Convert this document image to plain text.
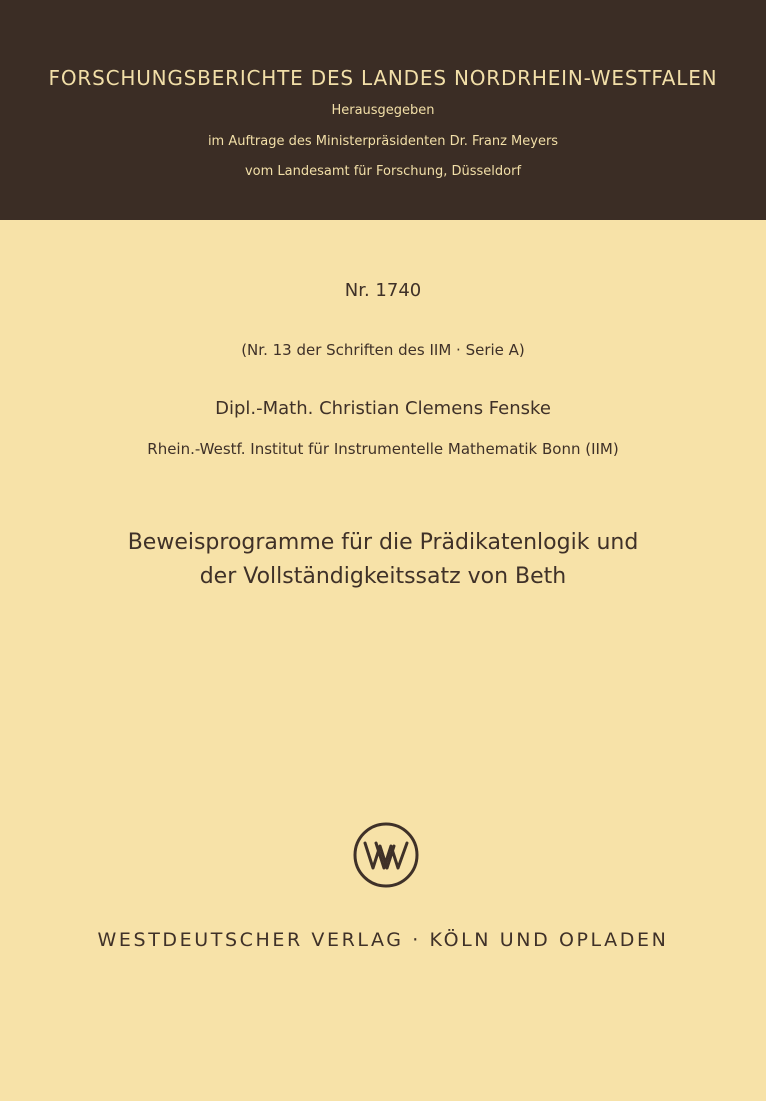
FORSCHUNGSBERICHTE DES LANDES NORDRHEIN-WESTFALEN
Herausgegeben
im Auftrage des Ministerpräsidenten Dr. Franz Meyers
vom Landesamt für Forschung, Düsseldorf
Nr. 1740
(Nr. 13 der Schriften des IIM · Serie A)
Dipl.-Math. Christian Clemens Fenske
Rhein.-Westf. Institut für Instrumentelle Mathematik Bonn (IIM)
Beweisprogramme für die Prädikatenlogik und
der Vollständigkeitssatz von Beth
WESTDEUTSCHER VERLAG · KÖLN UND OPLADEN
